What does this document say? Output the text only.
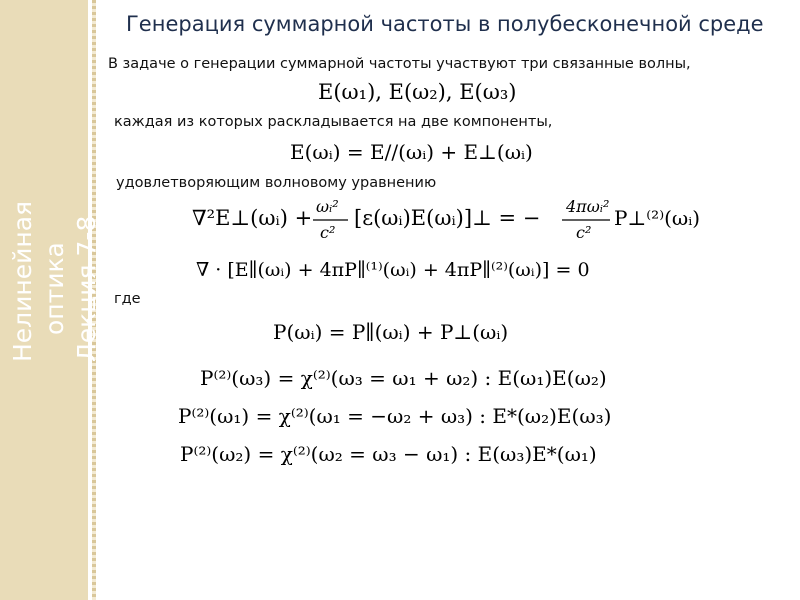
Нелинейная оптика Лекция 7-8
Генерация суммарной частоты в полубесконечной среде
В задаче о генерации суммарной частоты участвуют три связанные волны,
E(ω₁), E(ω₂), E(ω₃)
каждая из которых раскладывается на две компоненты,
E(ωᵢ) = E//(ωᵢ) + E⊥(ωᵢ)
удовлетворяющим волновому уравнению
∇²E⊥(ωᵢ) + ωᵢ²
c²
[ε(ωᵢ)E(ωᵢ)]⊥ = − 4πωᵢ²
c²
P⊥⁽²⁾(ωᵢ)
∇ · [E∥(ωᵢ) + 4πP∥⁽¹⁾(ωᵢ) + 4πP∥⁽²⁾(ωᵢ)] = 0
где
P(ωᵢ) = P∥(ωᵢ) + P⊥(ωᵢ)
P⁽²⁾(ω₃) = χ⁽²⁾(ω₃ = ω₁ + ω₂) : E(ω₁)E(ω₂)
P⁽²⁾(ω₁) = χ⁽²⁾(ω₁ = −ω₂ + ω₃) : E*(ω₂)E(ω₃)
P⁽²⁾(ω₂) = χ⁽²⁾(ω₂ = ω₃ − ω₁) : E(ω₃)E*(ω₁)
